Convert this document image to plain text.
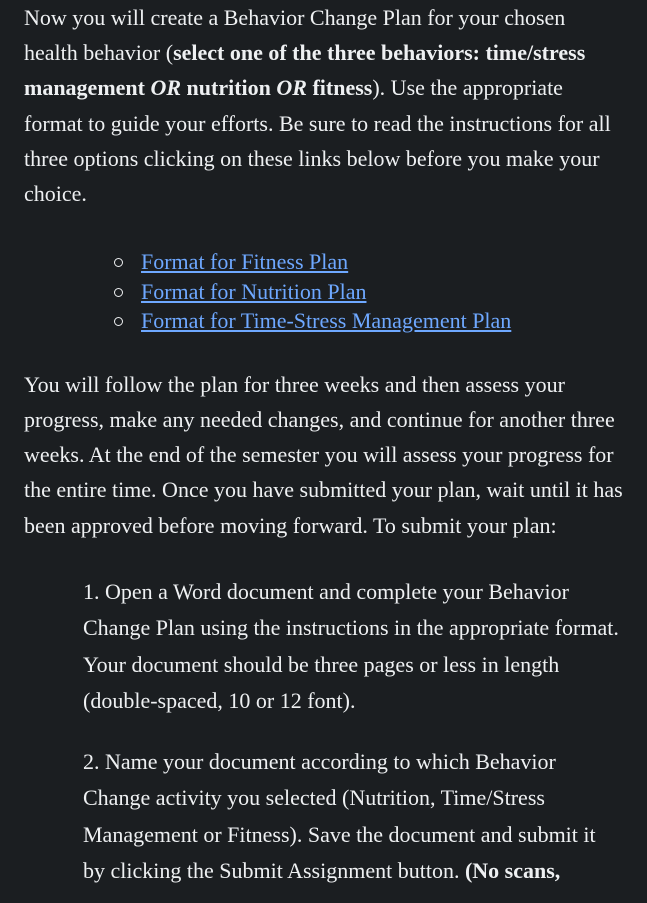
Now you will create a Behavior Change Plan for your chosen health behavior (select one of the three behaviors: time/stress management OR nutrition OR fitness). Use the appropriate format to guide your efforts. Be sure to read the instructions for all three options clicking on these links below before you make your choice.

Format for Fitness Plan
Format for Nutrition Plan
Format for Time-Stress Management Plan

You will follow the plan for three weeks and then assess your progress, make any needed changes, and continue for another three weeks. At the end of the semester you will assess your progress for the entire time. Once you have submitted your plan, wait until it has been approved before moving forward. To submit your plan:

1. Open a Word document and complete your Behavior Change Plan using the instructions in the appropriate format. Your document should be three pages or less in length (double-spaced, 10 or 12 font).
2. Name your document according to which Behavior Change activity you selected (Nutrition, Time/Stress Management or Fitness). Save the document and submit it by clicking the Submit Assignment button. (No scans,
